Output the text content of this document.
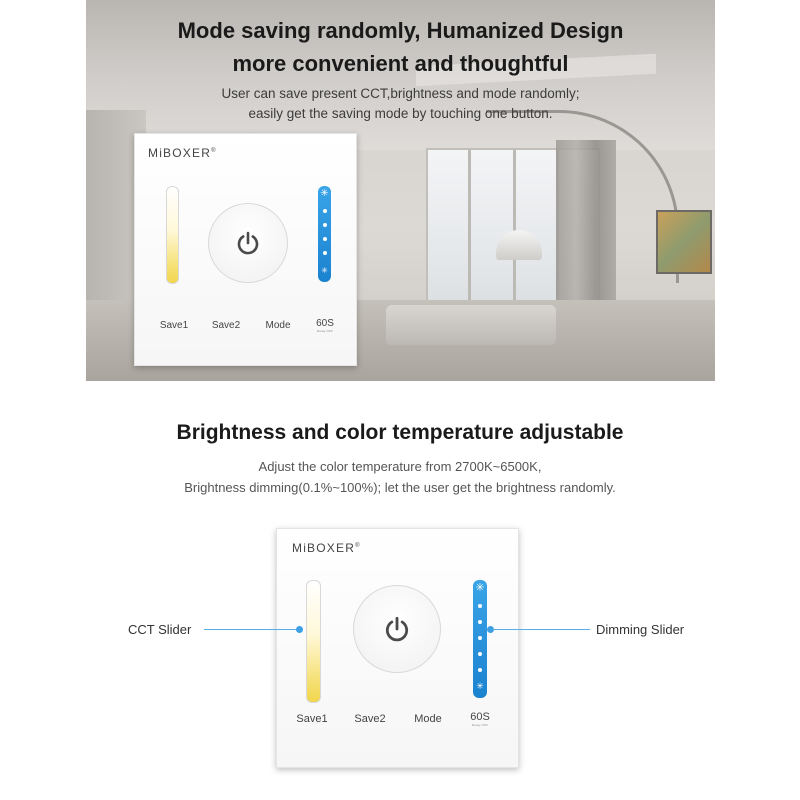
Mode saving randomly, Humanized Design
more convenient and thoughtful
User can save present CCT,brightness and mode randomly;
easily get the saving mode by touching one button.
MiBOXER®
✳
✳
Save1	Save2	Mode	60S
Delay OFF
Brightness and color temperature adjustable
Adjust the color temperature from 2700K~6500K,
Brightness dimming(0.1%~100%); let the user get the brightness randomly.
MiBOXER®
✳
✳
Save1	Save2	Mode	60S
Delay OFF
CCT Slider	Dimming Slider
